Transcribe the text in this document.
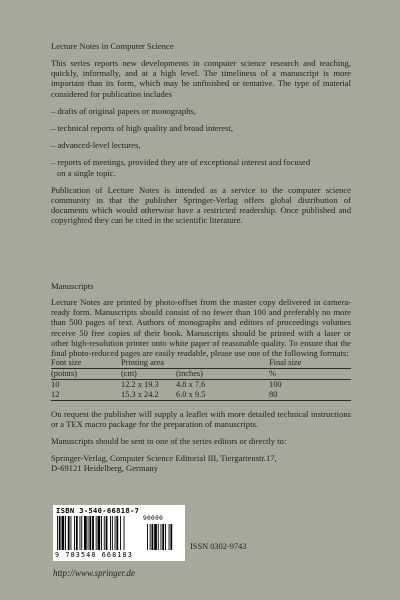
Lecture Notes in Computer Science

This series reports new developments in computer science research and teaching, quickly, informally, and at a high level. The timeliness of a manuscript is more important than its form, which may be unfinished or tentative. The type of material considered for publication includes

– drafts of original papers or monographs,
– technical reports of high quality and broad interest,
– advanced-level lectures,
– reports of meetings, provided they are of exceptional interest and focused
on a single topic.

Publication of Lecture Notes is intended as a service to the computer science community in that the publisher Springer-Verlag offers global distribution of documents which would otherwise have a restricted readership. Once published and copyrighted they can be cited in the scientific literature.

Manuscripts

Lecture Notes are printed by photo-offset from the master copy delivered in camera-ready form. Manuscripts should consist of no fewer than 100 and preferably no more than 500 pages of text. Authors of monographs and editors of proceedings volumes receive 50 free copies of their book. Manuscripts should be printed with a laser or other high-resolution printer onto white paper of reasonable quality. To ensure that the final photo-reduced pages are easily readable, please use one of the following formats:

Font size	Printing area		Final size
(points)	(cm)	(inches)	%
10	12.2 x 19.3	4.8 x 7.6	100
12	15.3 x 24.2	6.0 x 9.5	80

On request the publisher will supply a leaflet with more detailed technical instructions or a TEX macro package for the preparation of manuscripts.

Manuscripts should be sent to one of the series editors or directly to:

Springer-Verlag, Computer Science Editorial III, Tiergartenstr.17,
D-69121 Heidelberg, Germany
ISBN 3-540-66818-7
90000
9 783540 668183
ISSN 0302-9743
http://www.springer.de
